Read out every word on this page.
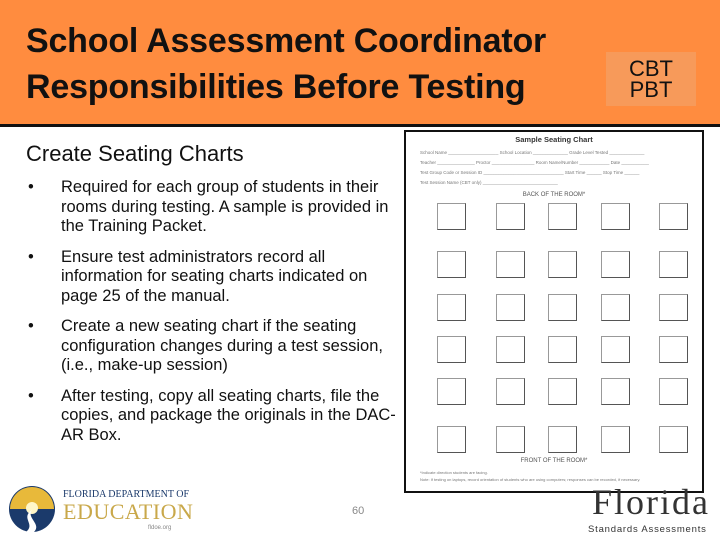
School Assessment Coordinator
Responsibilities Before Testing	CBT
PBT
Create Seating Charts
• Required for each group of students in their rooms during testing. A sample is provided in the Training Packet.
• Ensure test administrators record all information for seating charts indicated on page 25 of the manual.
• Create a new seating chart if the seating configuration changes during a test session, (i.e., make-up session)
• After testing, copy all seating charts, file the copies, and package the originals in the DAC-AR Box.
Sample Seating Chart
School Name ____________________ School Location ______________ Grade Level Tested ______________
Teacher _______________ Proctor _________________ Room Name/Number ____________ Date ___________
Test Group Code or Session ID ________________________________ Start Time ______ Stop Time ______
Test Session Name (CBT only) ______________________________
BACK OF THE ROOM*
FRONT OF THE ROOM*
*Indicate direction students are facing.
Note: If testing on laptops, record orientation of students who are using computers; responses can be recorded, if necessary.
60
FLORIDA DEPARTMENT OF
EDUCATION
fldoe.org
Florida
Standards Assessments
